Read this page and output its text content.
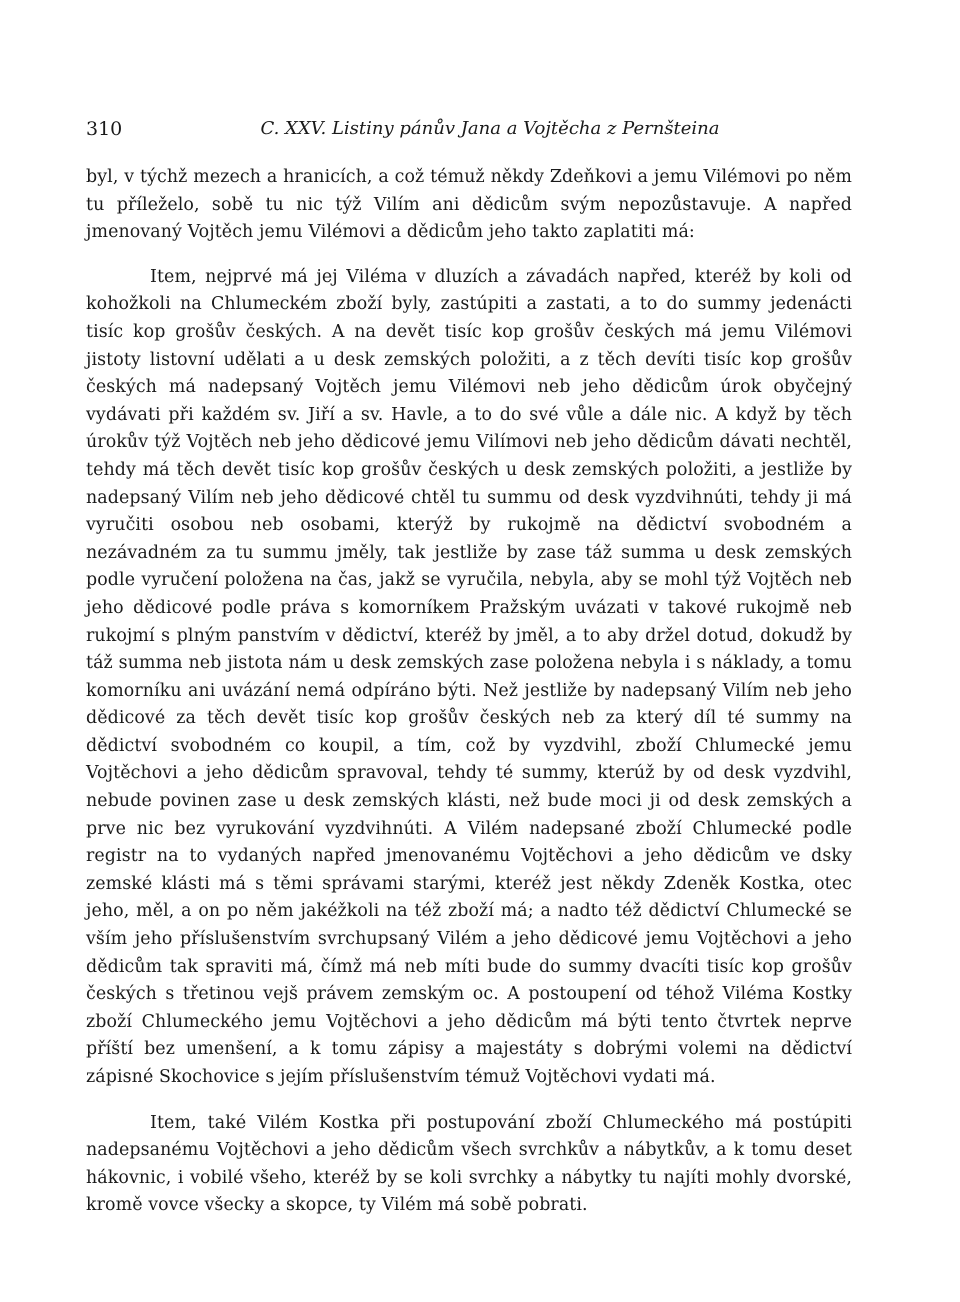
310	C. XXV. Listiny pánův Jana a Vojtěcha z Pernšteina

byl, v týchž mezech a hranicích, a což témuž někdy Zdeňkovi a jemu Vilémovi po něm tu příleželo, sobě tu nic týž Vilím ani dědicům svým nepozůstavuje. A napřed jmenovaný Vojtěch jemu Vilémovi a dědicům jeho takto zaplatiti má:

Item, nejprvé má jej Viléma v dluzích a závadách napřed, kteréž by koli od kohožkoli na Chlumeckém zboží byly, zastúpiti a zastati, a to do summy jedenácti tisíc kop grošův českých. A na devět tisíc kop grošův českých má jemu Vilémovi jistoty listovní udělati a u desk zemských položiti, a z těch devíti tisíc kop grošův českých má nadepsaný Vojtěch jemu Vilémovi neb jeho dědicům úrok obyčejný vydávati při každém sv. Jiří a sv. Havle, a to do své vůle a dále nic. A když by těch úrokův týž Vojtěch neb jeho dědicové jemu Vilímovi neb jeho dědicům dávati nechtěl, tehdy má těch devět tisíc kop grošův českých u desk zemských položiti, a jestliže by nadepsaný Vilím neb jeho dědicové chtěl tu summu od desk vyzdvihnúti, tehdy ji má vyručiti osobou neb osobami, kterýž by rukojmě na dědictví svobodném a nezávadném za tu summu jměly, tak jestliže by zase táž summa u desk zemských podle vyručení položena na čas, jakž se vyručila, nebyla, aby se mohl týž Vojtěch neb jeho dědicové podle práva s komorníkem Pražským uvázati v takové rukojmě neb rukojmí s plným panstvím v dědictví, kteréž by jměl, a to aby držel dotud, dokudž by táž summa neb jistota nám u desk zemských zase položena nebyla i s náklady, a tomu komorníku ani uvázání nemá odpíráno býti. Než jestliže by nadepsaný Vilím neb jeho dědicové za těch devět tisíc kop grošův českých neb za který díl té summy na dědictví svobodném co koupil, a tím, což by vyzdvihl, zboží Chlumecké jemu Vojtěchovi a jeho dědicům spravoval, tehdy té summy, kterúž by od desk vyzdvihl, nebude povinen zase u desk zemských klásti, než bude moci ji od desk zemských a prve nic bez vyrukování vyzdvihnúti. A Vilém nadepsané zboží Chlumecké podle registr na to vydaných napřed jmenovanému Vojtěchovi a jeho dědicům ve dsky zemské klásti má s těmi správami starými, kteréž jest někdy Zdeněk Kostka, otec jeho, měl, a on po něm jakéžkoli na též zboží má; a nadto též dědictví Chlumecké se vším jeho příslušenstvím svrchupsaný Vilém a jeho dědicové jemu Vojtěchovi a jeho dědicům tak spraviti má, čímž má neb míti bude do summy dvacíti tisíc kop grošův českých s třetinou vejš právem zemským oc. A postoupení od téhož Viléma Kostky zboží Chlumeckého jemu Vojtěchovi a jeho dědicům má býti tento čtvrtek neprve příští bez umenšení, a k tomu zápisy a majestáty s dobrými volemi na dědictví zápisné Skochovice s jejím příslušenstvím témuž Vojtěchovi vydati má.

Item, také Vilém Kostka při postupování zboží Chlumeckého má postúpiti nadepsanému Vojtěchovi a jeho dědicům všech svrchkův a nábytkův, a k tomu deset hákovnic, i vobilé všeho, kteréž by se koli svrchky a nábytky tu najíti mohly dvorské, kromě vovce všecky a skopce, ty Vilém má sobě pobrati.
